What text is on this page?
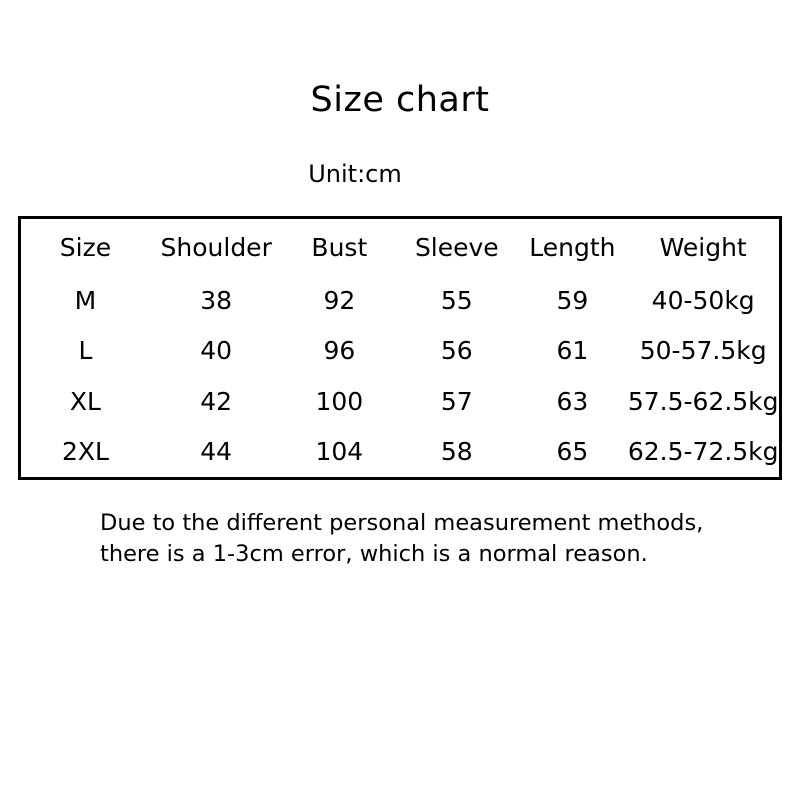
Size chart
Unit:cm
Size	Shoulder	Bust	Sleeve	Length	Weight
M	38	92	55	59	40-50kg
L	40	96	56	61	50-57.5kg
XL	42	100	57	63	57.5-62.5kg
2XL	44	104	58	65	62.5-72.5kg
Due to the different personal measurement methods,
there is a 1-3cm error, which is a normal reason.
